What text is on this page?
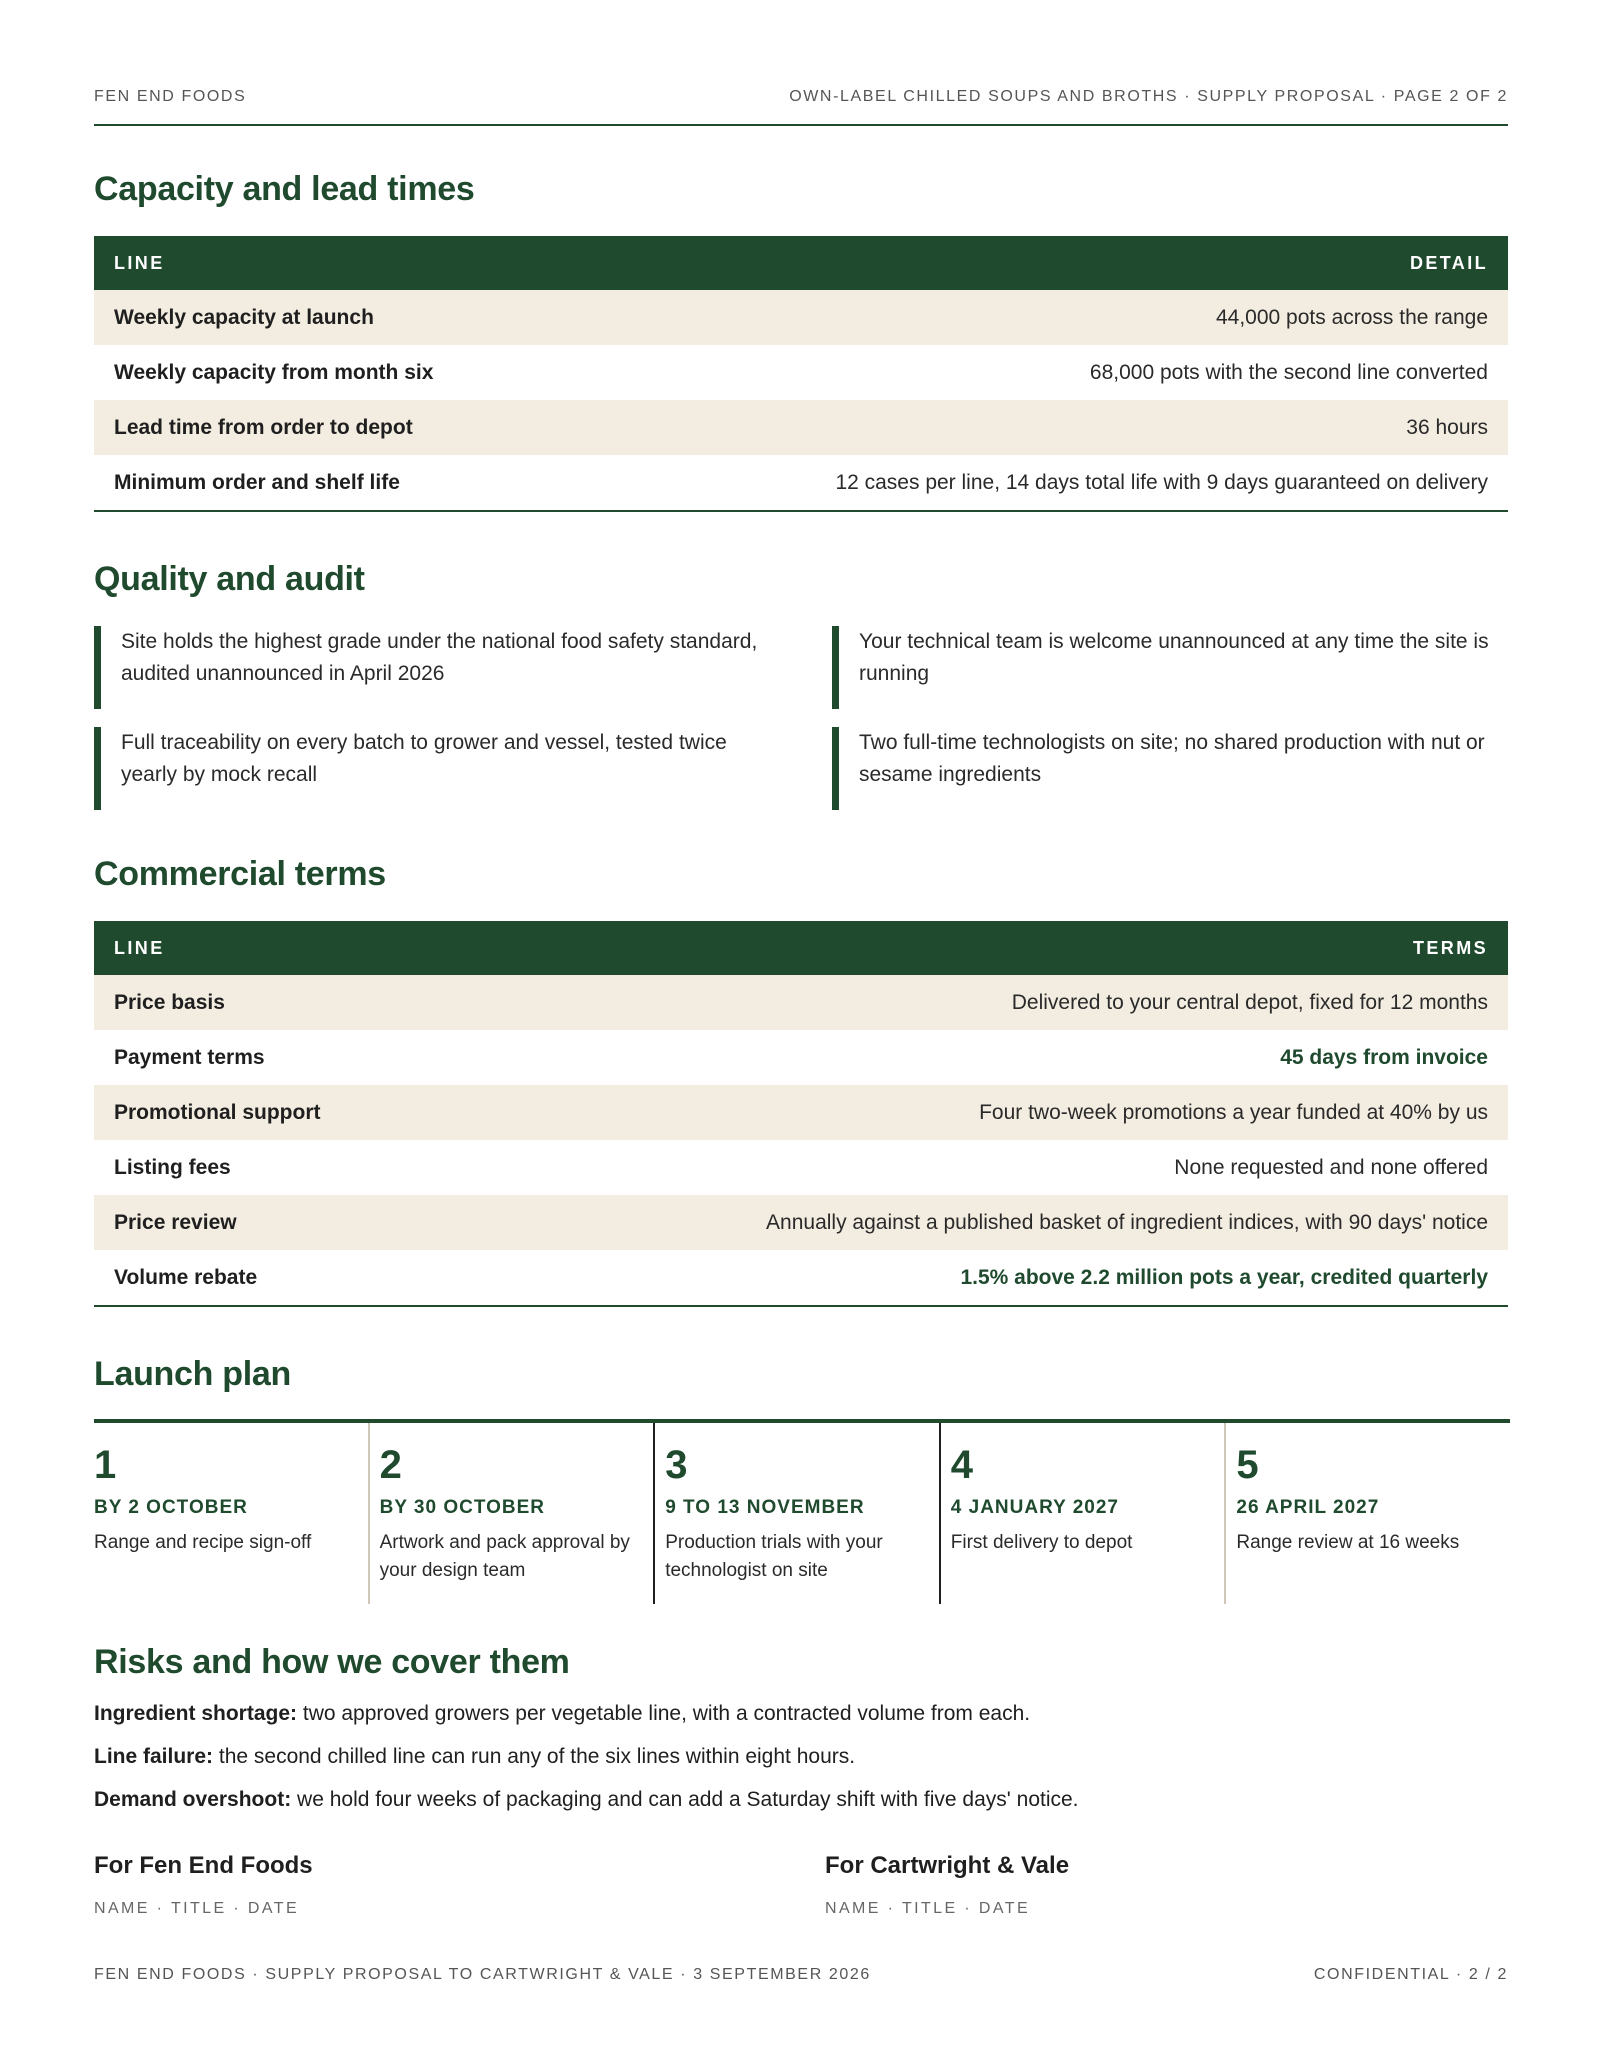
FEN END FOODS	OWN-LABEL CHILLED SOUPS AND BROTHS · SUPPLY PROPOSAL · PAGE 2 OF 2
Capacity and lead times
LINE	DETAIL
Weekly capacity at launch	44,000 pots across the range
Weekly capacity from month six	68,000 pots with the second line converted
Lead time from order to depot	36 hours
Minimum order and shelf life	12 cases per line, 14 days total life with 9 days guaranteed on delivery
Quality and audit
Site holds the highest grade under the national food safety standard, audited unannounced in April 2026
Your technical team is welcome unannounced at any time the site is running
Full traceability on every batch to grower and vessel, tested twice yearly by mock recall
Two full-time technologists on site; no shared production with nut or sesame ingredients
Commercial terms
LINE	TERMS
Price basis	Delivered to your central depot, fixed for 12 months
Payment terms	45 days from invoice
Promotional support	Four two-week promotions a year funded at 40% by us
Listing fees	None requested and none offered
Price review	Annually against a published basket of ingredient indices, with 90 days' notice
Volume rebate	1.5% above 2.2 million pots a year, credited quarterly
Launch plan
1
BY 2 OCTOBER
Range and recipe sign-off
2
BY 30 OCTOBER
Artwork and pack approval by your design team
3
9 TO 13 NOVEMBER
Production trials with your technologist on site
4
4 JANUARY 2027
First delivery to depot
5
26 APRIL 2027
Range review at 16 weeks
Risks and how we cover them

Ingredient shortage: two approved growers per vegetable line, with a contracted volume from each.

Line failure: the second chilled line can run any of the six lines within eight hours.

Demand overshoot: we hold four weeks of packaging and can add a Saturday shift with five days' notice.

For Fen End Foods
NAME · TITLE · DATE
For Cartwright & Vale
NAME · TITLE · DATE
FEN END FOODS · SUPPLY PROPOSAL TO CARTWRIGHT & VALE · 3 SEPTEMBER 2026	CONFIDENTIAL · 2 / 2
